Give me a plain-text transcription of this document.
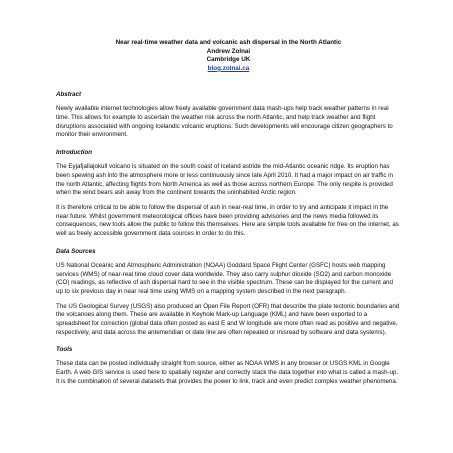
Near real-time weather data and volcanic ash dispersal in the North Atlantic
Andrew Zolnai
Cambridge UK
blog.zolnai.ca

Abstract

Newly available internet technologies allow freely available government data mash-ups help track weather patterns in real time. This allows for example to ascertain the weather risk across the north Atlantic, and help track weather and flight disruptions associated with ongoing Icelandic volcanic eruptions. Such developments will encourage citizen geographers to monitor their environment.

Introduction

The Eyjafjallajokull volcano is situated on the south coast of Iceland astride the mid-Atlantic oceanic ridge. Its eruption has been spewing ash into the atmosphere more or less continuously since late April 2010. It had a major impact on air traffic in the north Atlantic, affecting flights from North America as well as those across northern Europe. The only respite is provided when the wind bears ash away from the continent towards the uninhabited Arctic region.

It is therefore critical to be able to follow the dispersal of ash in near-real time, in order to try and anticipate it impact in the near future. Whilst government meteorological offices have been providing advisories and the news media followed its consequences, new tools allow the public to follow this themselves. Here are simple tools available for free on the internet, as well as freely accessible government data sources in order to do this.

Data Sources

US National Oceanic and Atmospheric Administration (NOAA) Goddard Space Flight Center (GSFC) hosts web mapping services (WMS) of near-real time cloud cover data worldwide. They also carry sulphur dioxide (SO2) and carbon monoxide (CO) readings, as reflective of ash dispersal hard to see in the visible spectrum. These can be displayed for the current and up to six previous day in near real time using WMS on a mapping system described in the next paragraph.

The US Geological Survey (USGS) also produced an Open File Report (OFR) that describe the plate tectonic boundaries and the volcanoes along them. These are available in Keyhole Mark-up Language (KML) and have been exported to a spreadsheet for correction (global data often posted as east E and W longitude are more often read as positive and negative, respectively, and data across the antemeridian or date line are often repeated or misread by software and data systems).

Tools

These data can be posted individually straight from source, either as NOAA WMS in any browser or USGS KML in Google Earth. A web GIS service is used here to spatially register and correctly stack the data together into what is called a mash-up. It is the combination of several datasets that provides the power to link, track and even predict complex weather phenomena.
